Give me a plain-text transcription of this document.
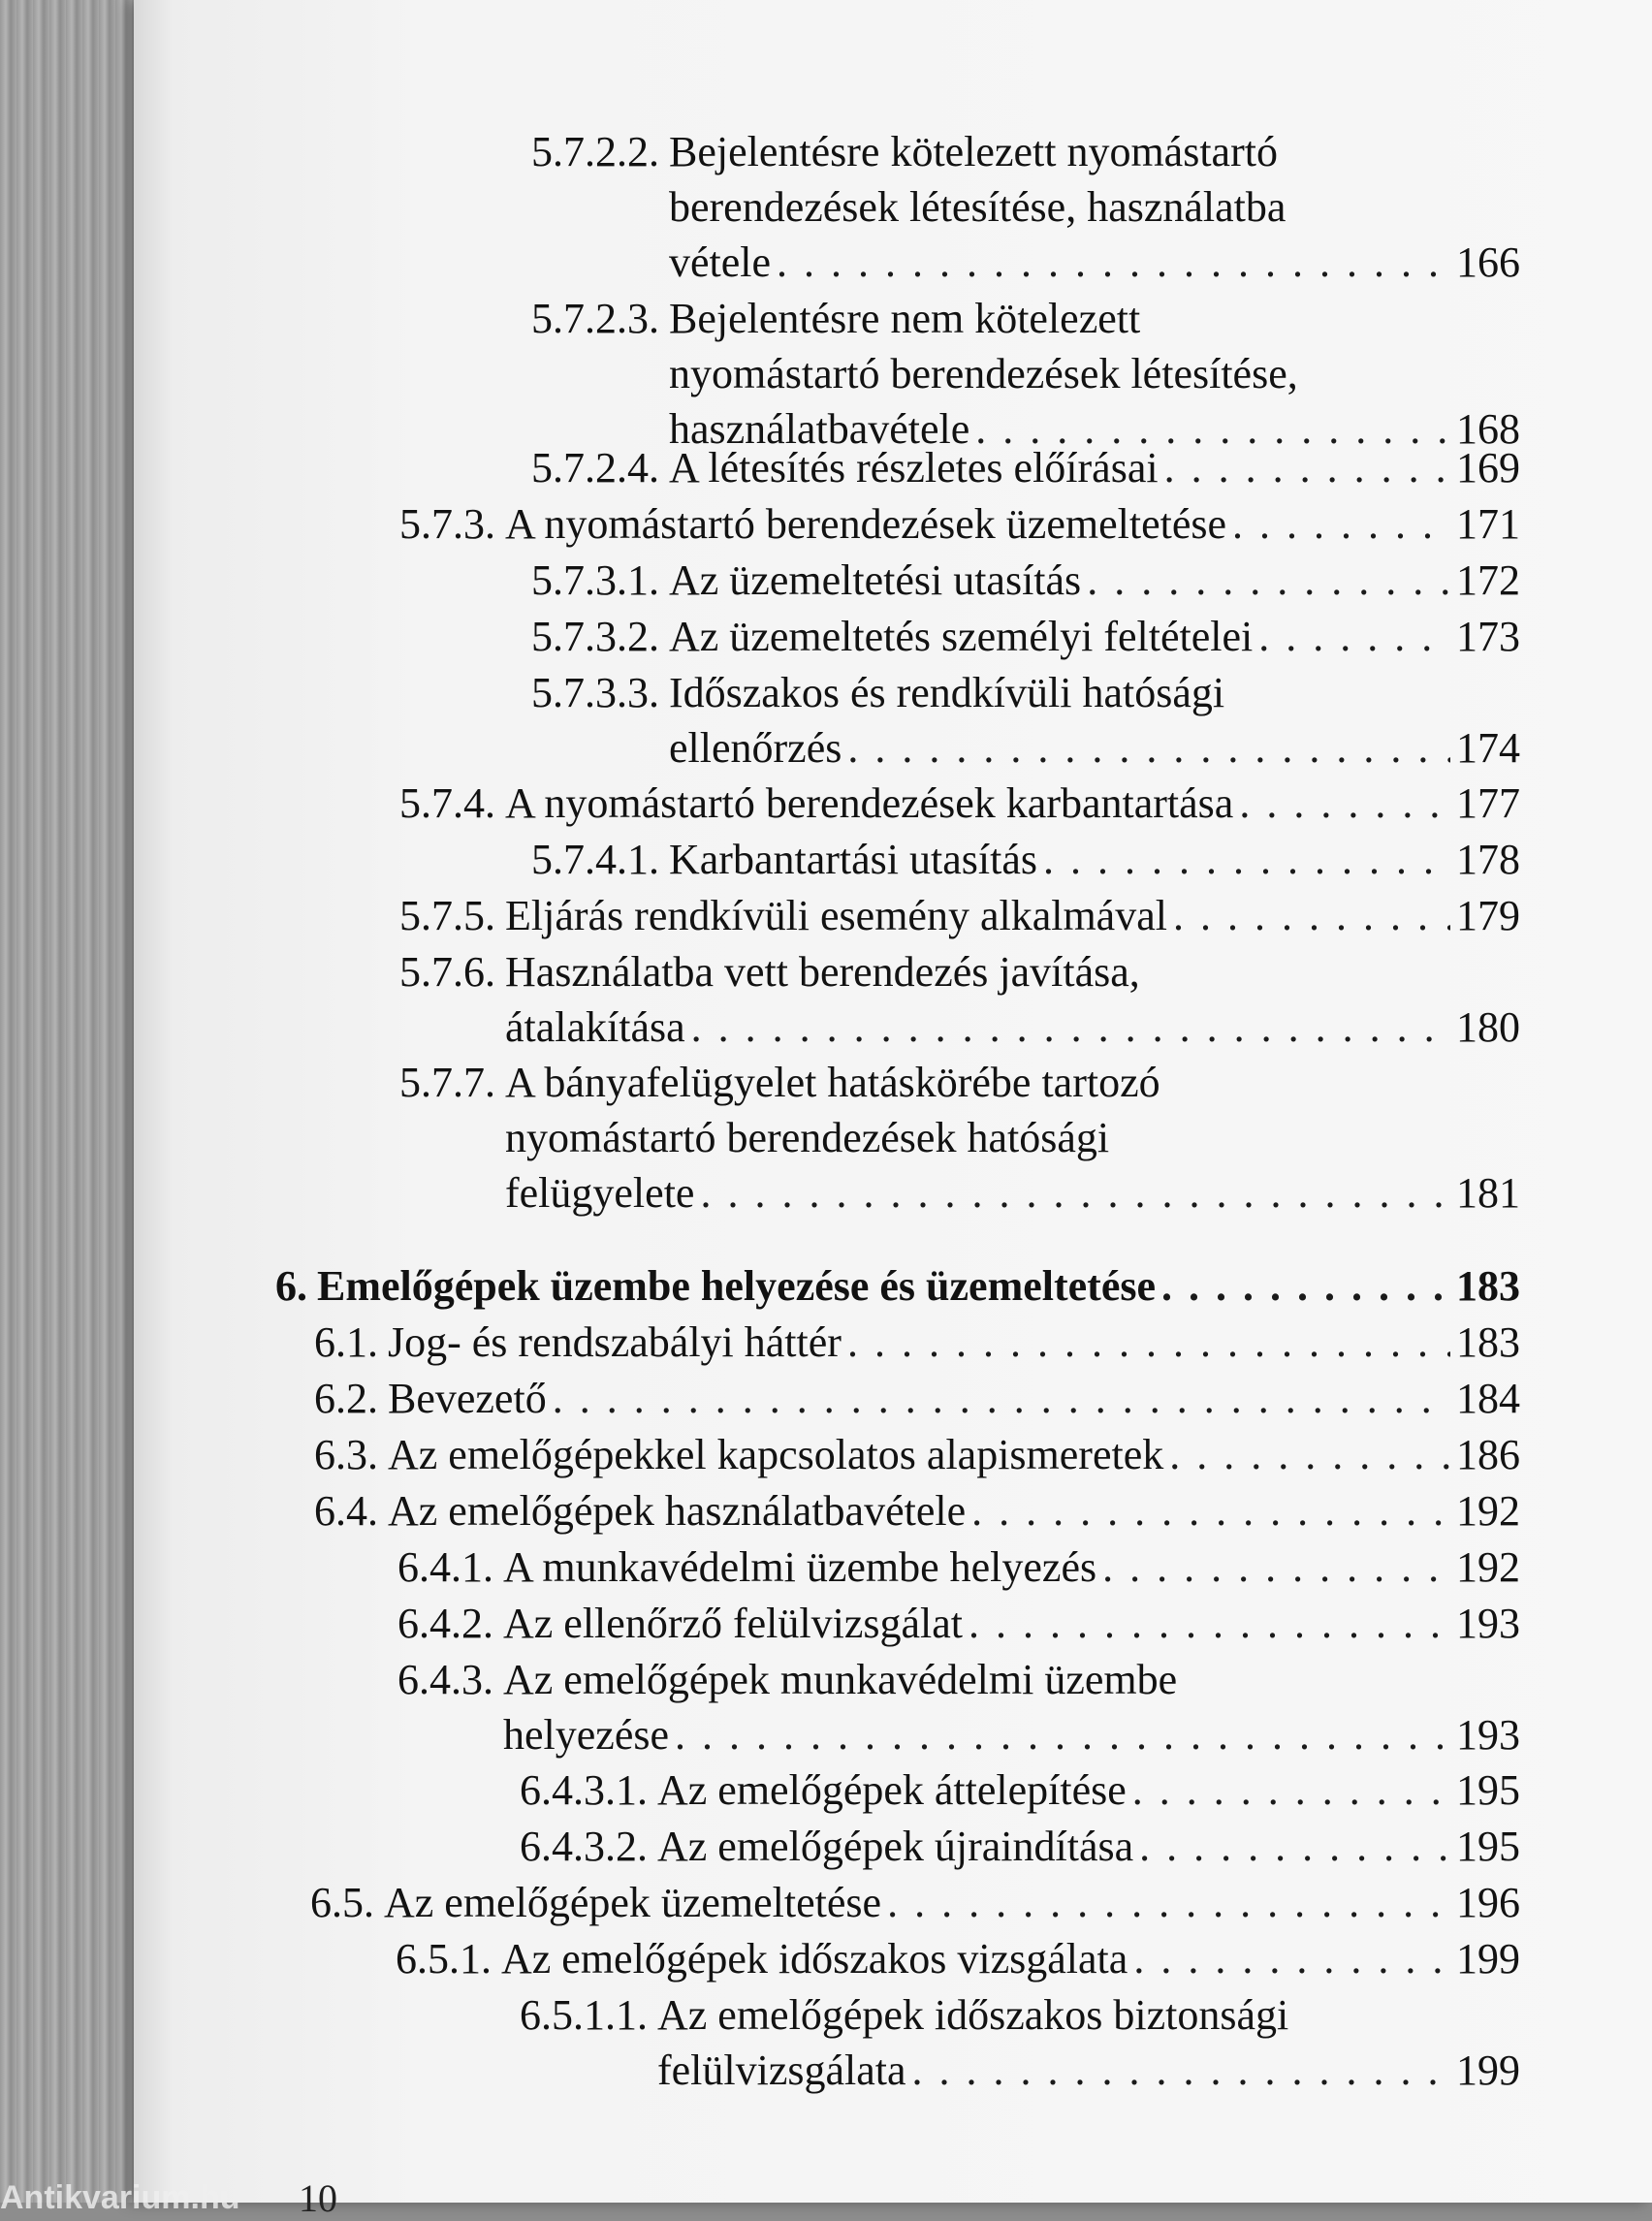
5.7.2.2. Bejelentésre kötelezett nyomástartó
berendezések létesítése, használatba
vétele . . .	166
5.7.2.3. Bejelentésre nem kötelezett
nyomástartó berendezések létesítése,
használatbavétele . . .	168
5.7.2.4. A létesítés részletes előírásai . . .	169
5.7.3. A nyomástartó berendezések üzemeltetése . . .	171
5.7.3.1. Az üzemeltetési utasítás . . .	172
5.7.3.2. Az üzemeltetés személyi feltételei . . .	173
5.7.3.3. Időszakos és rendkívüli hatósági
ellenőrzés . . .	174
5.7.4. A nyomástartó berendezések karbantartása . . .	177
5.7.4.1. Karbantartási utasítás . . .	178
5.7.5. Eljárás rendkívüli esemény alkalmával . . .	179
5.7.6. Használatba vett berendezés javítása,
átalakítása . . .	180
5.7.7. A bányafelügyelet hatáskörébe tartozó
nyomástartó berendezések hatósági
felügyelete . . .	181
6. Emelőgépek üzembe helyezése és üzemeltetése . . .	183
6.1. Jog- és rendszabályi háttér . . .	183
6.2. Bevezető . . .	184
6.3. Az emelőgépekkel kapcsolatos alapismeretek . . .	186
6.4. Az emelőgépek használatbavétele . . .	192
6.4.1. A munkavédelmi üzembe helyezés . . .	192
6.4.2. Az ellenőrző felülvizsgálat . . .	193
6.4.3. Az emelőgépek munkavédelmi üzembe
helyezése . . .	193
6.4.3.1. Az emelőgépek áttelepítése . . .	195
6.4.3.2. Az emelőgépek újraindítása . . .	195
6.5. Az emelőgépek üzemeltetése . . .	196
6.5.1. Az emelőgépek időszakos vizsgálata . . .	199
6.5.1.1. Az emelőgépek időszakos biztonsági
felülvizsgálata . . .	199
10
Antikvarium.hu
